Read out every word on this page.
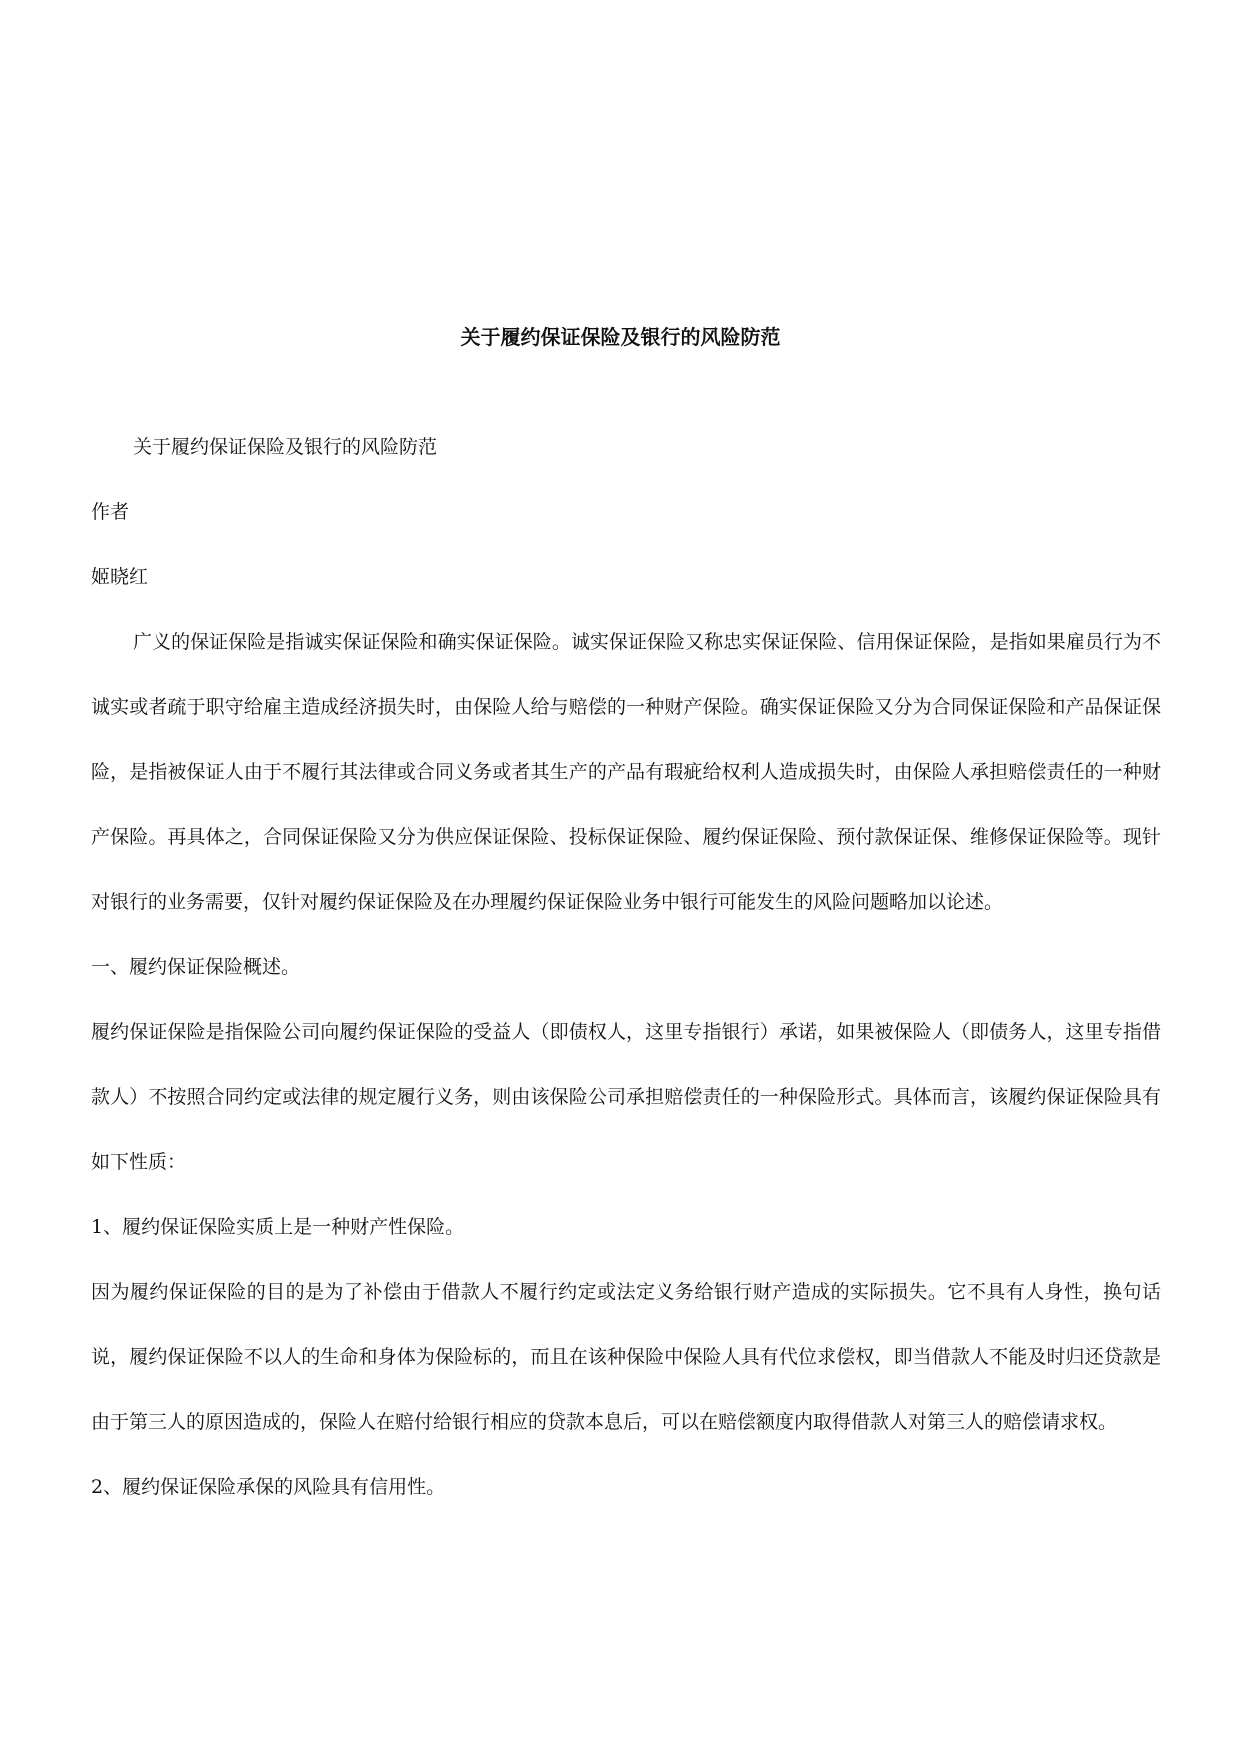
关于履约保证保险及银行的风险防范

关于履约保证保险及银行的风险防范

作者

姬晓红

广义的保证保险是指诚实保证保险和确实保证保险。诚实保证保险又称忠实保证保险、信用保证保险，是指如果雇员行为不诚实或者疏于职守给雇主造成经济损失时，由保险人给与赔偿的一种财产保险。确实保证保险又分为合同保证保险和产品保证保险，是指被保证人由于不履行其法律或合同义务或者其生产的产品有瑕疵给权利人造成损失时，由保险人承担赔偿责任的一种财产保险。再具体之，合同保证保险又分为供应保证保险、投标保证保险、履约保证保险、预付款保证保、维修保证保险等。现针对银行的业务需要，仅针对履约保证保险及在办理履约保证保险业务中银行可能发生的风险问题略加以论述。

一、履约保证保险概述。

履约保证保险是指保险公司向履约保证保险的受益人（即债权人，这里专指银行）承诺，如果被保险人（即债务人，这里专指借款人）不按照合同约定或法律的规定履行义务，则由该保险公司承担赔偿责任的一种保险形式。具体而言，该履约保证保险具有如下性质：

1、履约保证保险实质上是一种财产性保险。

因为履约保证保险的目的是为了补偿由于借款人不履行约定或法定义务给银行财产造成的实际损失。它不具有人身性，换句话说，履约保证保险不以人的生命和身体为保险标的，而且在该种保险中保险人具有代位求偿权，即当借款人不能及时归还贷款是由于第三人的原因造成的，保险人在赔付给银行相应的贷款本息后，可以在赔偿额度内取得借款人对第三人的赔偿请求权。

2、履约保证保险承保的风险具有信用性。
